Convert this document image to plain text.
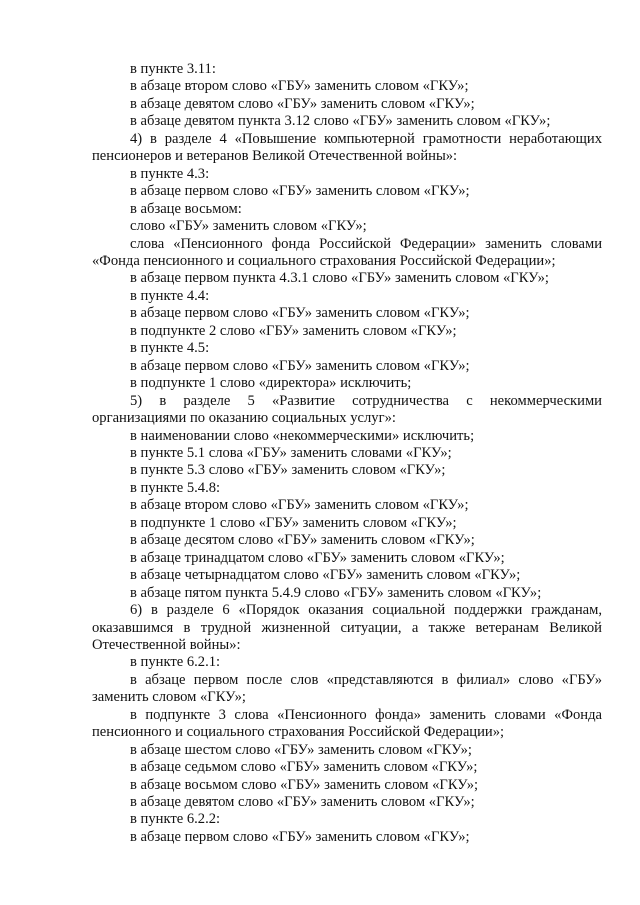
в пункте 3.11:

в абзаце втором слово «ГБУ» заменить словом «ГКУ»;

в абзаце девятом слово «ГБУ» заменить словом «ГКУ»;

в абзаце девятом пункта 3.12 слово «ГБУ» заменить словом «ГКУ»;

4) в разделе 4 «Повышение компьютерной грамотности неработающих пенсионеров и ветеранов Великой Отечественной войны»:

в пункте 4.3:

в абзаце первом слово «ГБУ» заменить словом «ГКУ»;

в абзаце восьмом:

слово «ГБУ» заменить словом «ГКУ»;

слова «Пенсионного фонда Российской Федерации» заменить словами «Фонда пенсионного и социального страхования Российской Федерации»;

в абзаце первом пункта 4.3.1 слово «ГБУ» заменить словом «ГКУ»;

в пункте 4.4:

в абзаце первом слово «ГБУ» заменить словом «ГКУ»;

в подпункте 2 слово «ГБУ» заменить словом «ГКУ»;

в пункте 4.5:

в абзаце первом слово «ГБУ» заменить словом «ГКУ»;

в подпункте 1 слово «директора» исключить;

5) в разделе 5 «Развитие сотрудничества с некоммерческими организациями по оказанию социальных услуг»:

в наименовании слово «некоммерческими» исключить;

в пункте 5.1 слова «ГБУ» заменить словами «ГКУ»;

в пункте 5.3 слово «ГБУ» заменить словом «ГКУ»;

в пункте 5.4.8:

в абзаце втором слово «ГБУ» заменить словом «ГКУ»;

в подпункте 1 слово «ГБУ» заменить словом «ГКУ»;

в абзаце десятом слово «ГБУ» заменить словом «ГКУ»;

в абзаце тринадцатом слово «ГБУ» заменить словом «ГКУ»;

в абзаце четырнадцатом слово «ГБУ» заменить словом «ГКУ»;

в абзаце пятом пункта 5.4.9 слово «ГБУ» заменить словом «ГКУ»;

6) в разделе 6 «Порядок оказания социальной поддержки гражданам, оказавшимся в трудной жизненной ситуации, а также ветеранам Великой Отечественной войны»:

в пункте 6.2.1:

в абзаце первом после слов «представляются в филиал» слово «ГБУ» заменить словом «ГКУ»;

в подпункте 3 слова «Пенсионного фонда» заменить словами «Фонда пенсионного и социального страхования Российской Федерации»;

в абзаце шестом слово «ГБУ» заменить словом «ГКУ»;

в абзаце седьмом слово «ГБУ» заменить словом «ГКУ»;

в абзаце восьмом слово «ГБУ» заменить словом «ГКУ»;

в абзаце девятом слово «ГБУ» заменить словом «ГКУ»;

в пункте 6.2.2:

в абзаце первом слово «ГБУ» заменить словом «ГКУ»;
